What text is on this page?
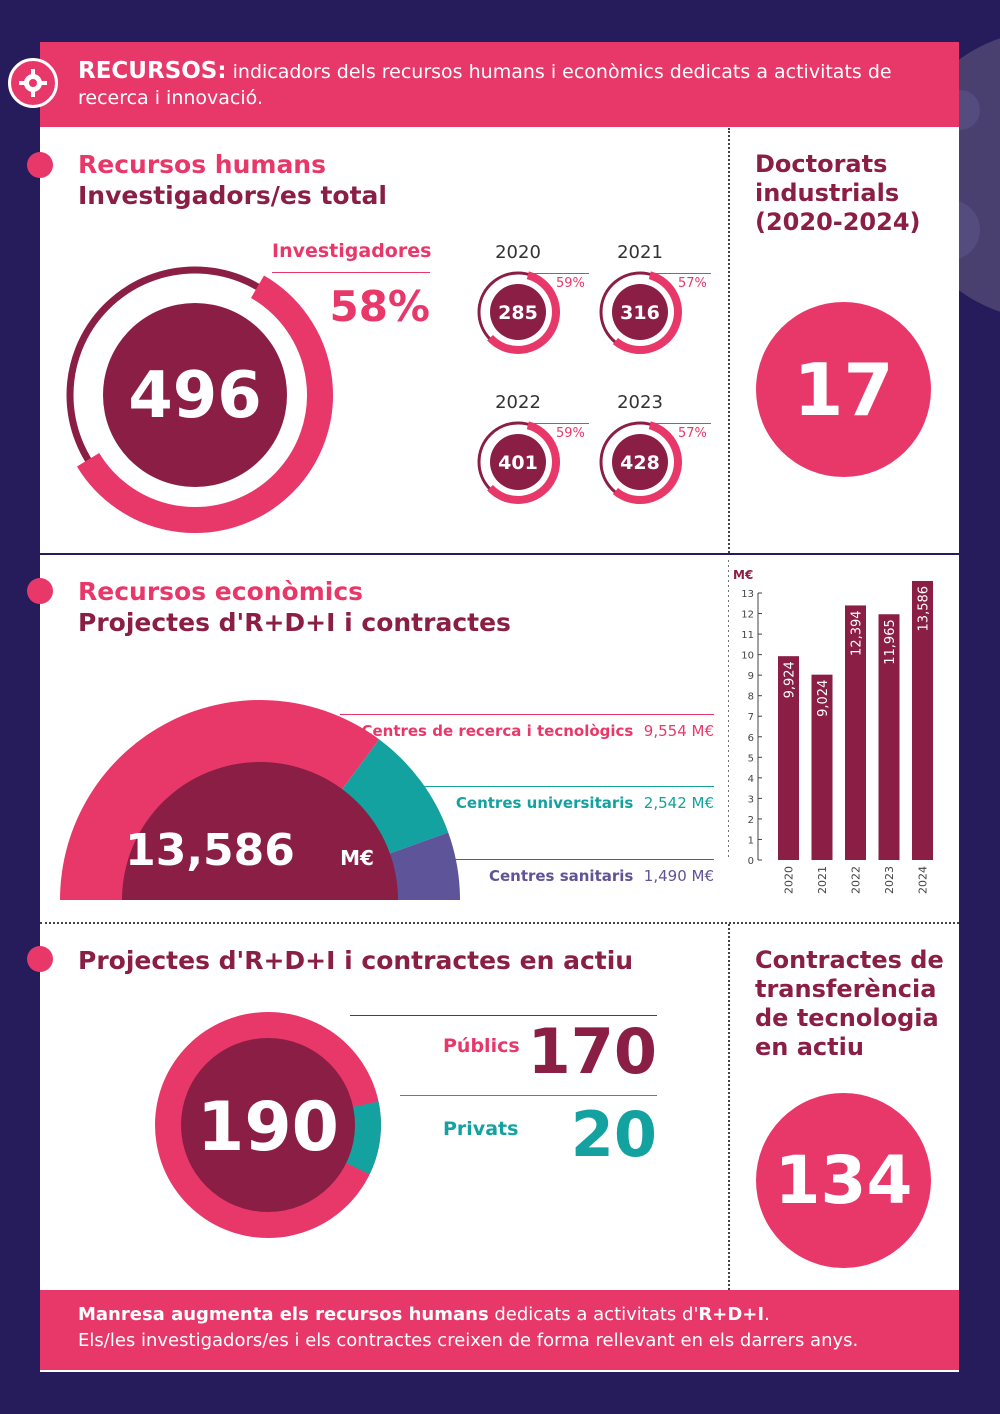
RECURSOS: indicadors dels recursos humans i econòmics dedicats a activitats de recerca i innovació.
Recursos humans
Investigadors/es total
Investigadores
58%
496
2020
59%
285
2021
57%
316
2022
59%
401
2023
57%
428
Doctorats industrials (2020-2024)
17
Recursos econòmics
Projectes d'R+D+I i contractes
13,586 M€
Centres de recerca i tecnològics 9,554 M€
Centres universitaris 2,542 M€
Centres sanitaris 1,490 M€
M€
0
1
2
3
4
5
6
7
8
9
10
11
12
13
9,924
2020
9,024
2021
12,394
2022
11,965
2023
13,586
2024
Projectes d'R+D+I i contractes en actiu
190
Públics 170
Privats 20
Contractes de transferència de tecnologia en actiu
134
Manresa augmenta els recursos humans dedicats a activitats d'R+D+I.
Els/les investigadors/es i els contractes creixen de forma rellevant en els darrers anys.
